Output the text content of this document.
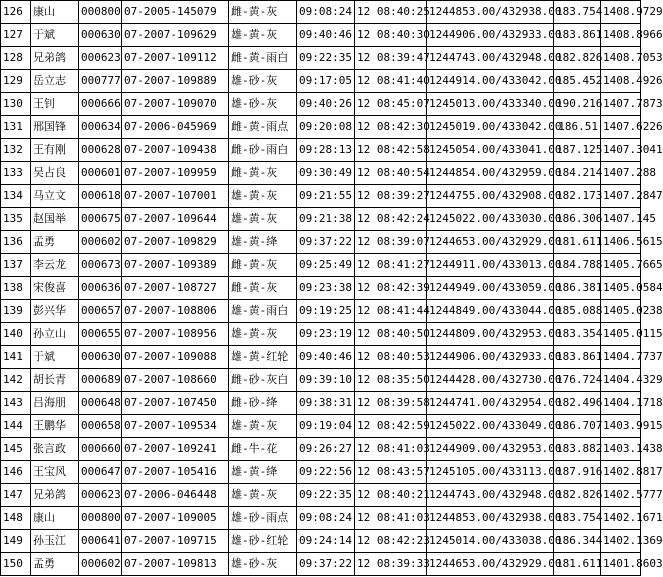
126	康山	000800	07-2005-145079	雌-黄-灰	09:08:24	12 08:40:25	1244853.00/432938.00	183.754	1408.9729
127	于斌	000630	07-2007-109629	雄-黄-灰	09:40:46	12 08:40:30	1244906.00/432933.00	183.861	1408.8966
128	兄弟鸽	000623	07-2007-109112	雌-黄-雨白	09:22:35	12 08:39:47	1244743.00/432948.00	182.826	1408.7053
129	岳立志	000777	07-2007-109889	雄-砂-灰	09:17:05	12 08:41:40	1244914.00/433042.00	185.452	1408.4926
130	王钊	000666	07-2007-109070	雄-砂-灰	09:40:26	12 08:45:07	1245013.00/433340.00	190.216	1407.7873
131	邢国锋	000634	07-2006-045969	雌-黄-雨点	09:20:08	12 08:42:30	1245019.00/433042.00	186.51	1407.6226
132	王有刚	000628	07-2007-109438	雌-砂-雨白	09:28:13	12 08:42:58	1245054.00/433041.00	187.125	1407.3041
133	吴占良	000601	07-2007-109959	雌-黄-灰	09:30:49	12 08:40:54	1244854.00/432959.00	184.214	1407.288
134	马立文	000618	07-2007-107001	雄-黄-灰	09:21:55	12 08:39:27	1244755.00/432908.00	182.173	1407.2847
135	赵国举	000675	07-2007-109644	雄-黄-灰	09:21:38	12 08:42:24	1245022.00/433030.00	186.306	1407.145
136	孟勇	000602	07-2007-109829	雄-黄-绛	09:37:22	12 08:39:07	1244653.00/432929.00	181.611	1406.5615
137	李云龙	000673	07-2007-109389	雌-黄-灰	09:25:49	12 08:41:27	1244911.00/433013.00	184.788	1405.7665
138	宋俊喜	000636	07-2007-108727	雌-黄-灰	09:23:38	12 08:42:39	1244949.00/433059.00	186.381	1405.0584
139	彭兴华	000657	07-2007-108806	雄-黄-雨白	09:19:25	12 08:41:44	1244849.00/433044.00	185.088	1405.0238
140	孙立山	000655	07-2007-108956	雄-黄-灰	09:23:19	12 08:40:50	1244809.00/432953.00	183.354	1405.0115
141	于斌	000630	07-2007-109088	雄-黄-红轮	09:40:46	12 08:40:53	1244906.00/432933.00	183.861	1404.7737
142	胡长青	000689	07-2007-108660	雌-砂-灰白	09:39:10	12 08:35:50	1244428.00/432730.00	176.724	1404.4329
143	吕海朋	000648	07-2007-107450	雌-砂-绛	09:38:31	12 08:39:58	1244741.00/432954.00	182.496	1404.1718
144	王鹏华	000658	07-2007-109534	雄-黄-灰	09:19:04	12 08:42:59	1245022.00/433049.00	186.707	1403.9915
145	张言政	000660	07-2007-109241	雌-牛-花	09:26:27	12 08:41:03	1244909.00/432953.00	183.882	1403.1438
146	王宝风	000647	07-2007-105416	雄-黄-绛	09:22:56	12 08:43:57	1245105.00/433113.00	187.916	1402.8817
147	兄弟鸽	000623	07-2006-046448	雄-黄-灰	09:22:35	12 08:40:21	1244743.00/432948.00	182.826	1402.5777
148	康山	000800	07-2007-109005	雄-砂-雨点	09:08:24	12 08:41:03	1244853.00/432938.00	183.754	1402.1671
149	孙玉江	000641	07-2007-109715	雄-砂-红轮	09:24:14	12 08:42:23	1245014.00/433038.00	186.344	1402.1369
150	孟勇	000602	07-2007-109813	雄-砂-灰	09:37:22	12 08:39:33	1244653.00/432929.00	181.611	1401.8603
